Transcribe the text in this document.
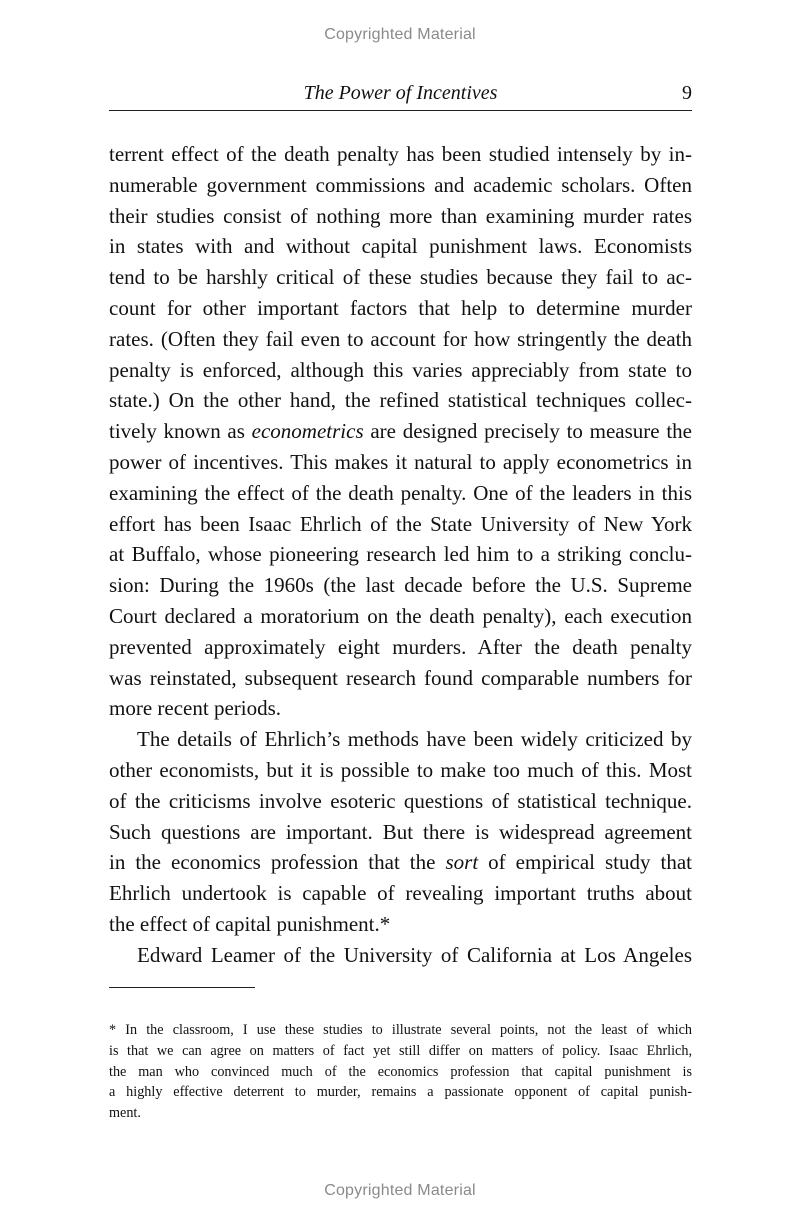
Copyrighted Material
The Power of Incentives	9
terrent effect of the death penalty has been studied intensely by in-
numerable government commissions and academic scholars. Often
their studies consist of nothing more than examining murder rates
in states with and without capital punishment laws. Economists
tend to be harshly critical of these studies because they fail to ac-
count for other important factors that help to determine murder
rates. (Often they fail even to account for how stringently the death
penalty is enforced, although this varies appreciably from state to
state.) On the other hand, the refined statistical techniques collec-
tively known as econometrics are designed precisely to measure the
power of incentives. This makes it natural to apply econometrics in
examining the effect of the death penalty. One of the leaders in this
effort has been Isaac Ehrlich of the State University of New York
at Buffalo, whose pioneering research led him to a striking conclu-
sion: During the 1960s (the last decade before the U.S. Supreme
Court declared a moratorium on the death penalty), each execution
prevented approximately eight murders. After the death penalty
was reinstated, subsequent research found comparable numbers for
more recent periods.
The details of Ehrlich’s methods have been widely criticized by
other economists, but it is possible to make too much of this. Most
of the criticisms involve esoteric questions of statistical technique.
Such questions are important. But there is widespread agreement
in the economics profession that the sort of empirical study that
Ehrlich undertook is capable of revealing important truths about
the effect of capital punishment.*
Edward Leamer of the University of California at Los Angeles
* In the classroom, I use these studies to illustrate several points, not the least of which
is that we can agree on matters of fact yet still differ on matters of policy. Isaac Ehrlich,
the man who convinced much of the economics profession that capital punishment is
a highly effective deterrent to murder, remains a passionate opponent of capital punish-
ment.
Copyrighted Material
